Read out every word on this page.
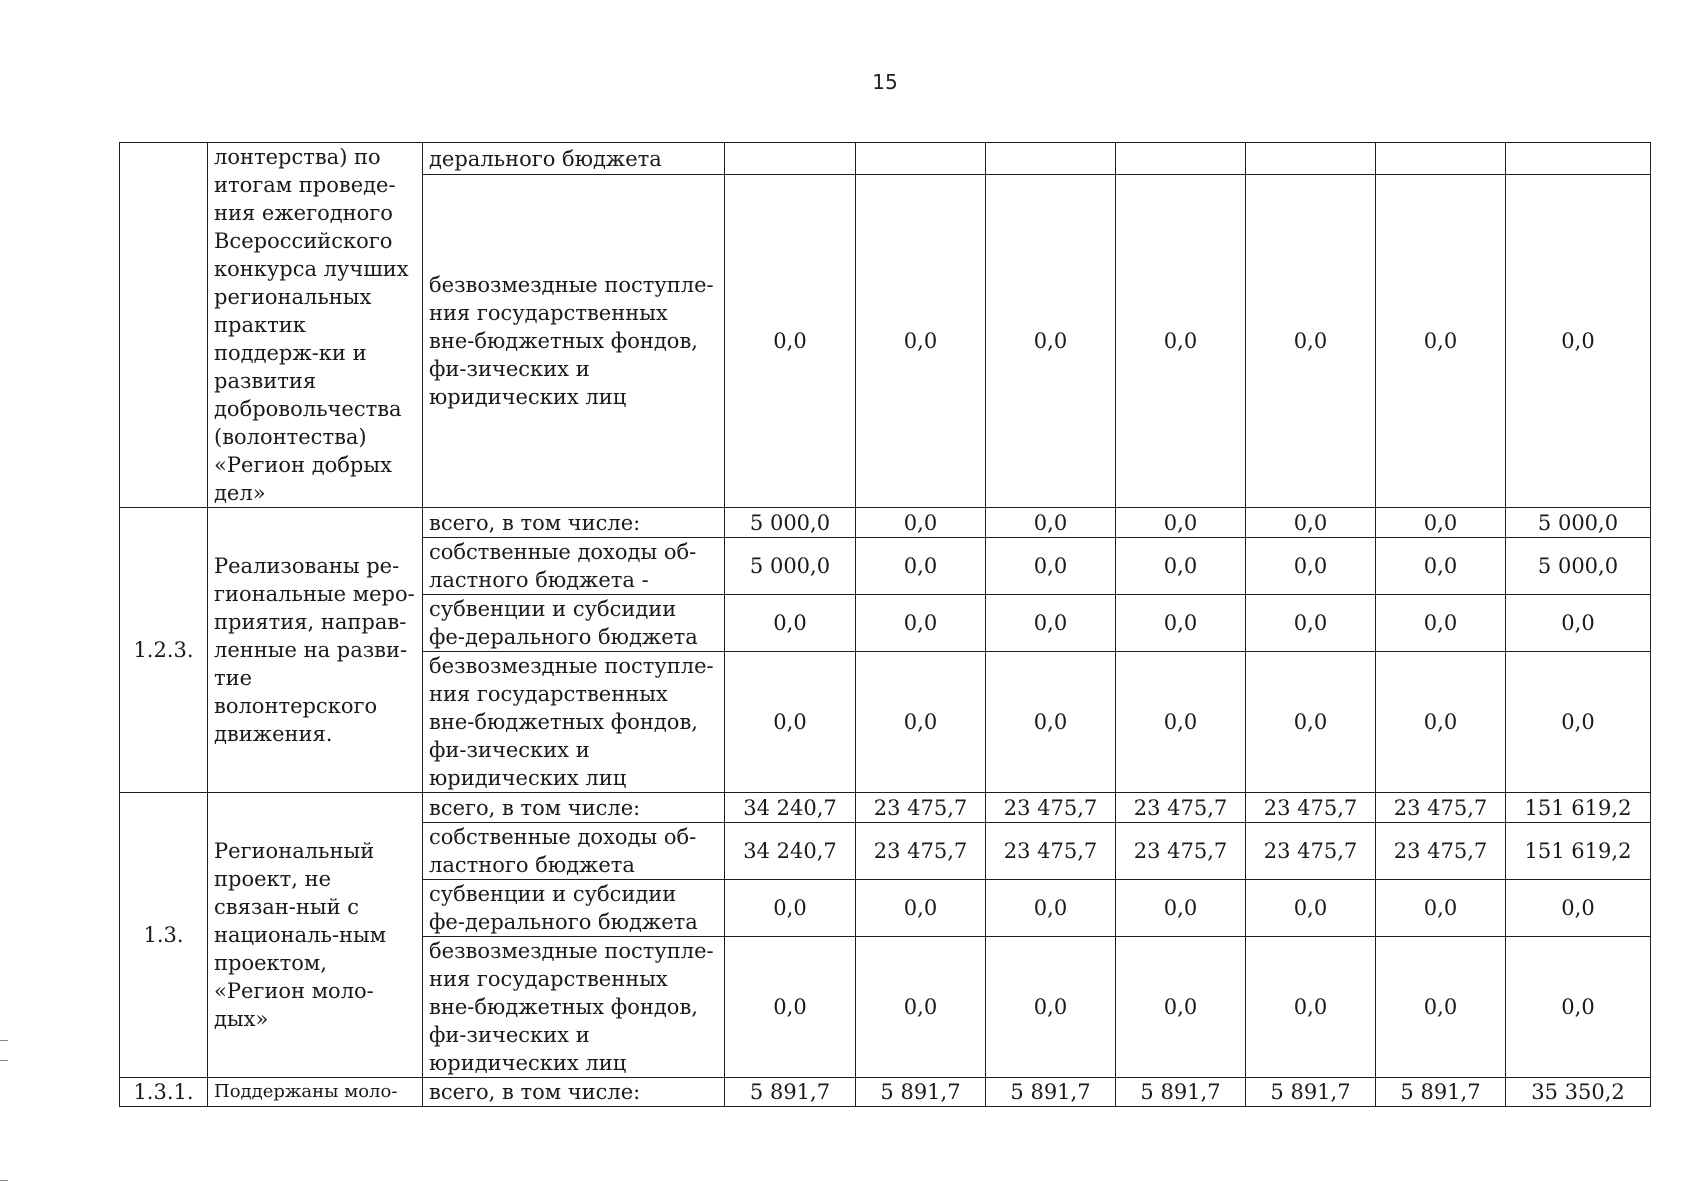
15
	лонтерства) по итогам проведе-ния ежегодного Всероссийского конкурса лучших региональных практик поддерж-ки и развития добровольчества (волонтества) «Регион добрых дел»	дерального бюджета							
		безвозмездные поступле-ния государственных вне-бюджетных фондов, фи-зических и юридических лиц	0,0	0,0	0,0	0,0	0,0	0,0	0,0
1.2.3.	Реализованы ре-гиональные меро-приятия, направ-ленные на разви-тие волонтерского движения.	всего, в том числе:	5 000,0	0,0	0,0	0,0	0,0	0,0	5 000,0
		собственные доходы об-ластного бюджета -	5 000,0	0,0	0,0	0,0	0,0	0,0	5 000,0
		субвенции и субсидии фе-дерального бюджета	0,0	0,0	0,0	0,0	0,0	0,0	0,0
		безвозмездные поступле-ния государственных вне-бюджетных фондов, фи-зических и юридических лиц	0,0	0,0	0,0	0,0	0,0	0,0	0,0
1.3.	Региональный проект, не связан-ный с националь-ным проектом, «Регион моло-дых»	всего, в том числе:	34 240,7	23 475,7	23 475,7	23 475,7	23 475,7	23 475,7	151 619,2
		собственные доходы об-ластного бюджета	34 240,7	23 475,7	23 475,7	23 475,7	23 475,7	23 475,7	151 619,2
		субвенции и субсидии фе-дерального бюджета	0,0	0,0	0,0	0,0	0,0	0,0	0,0
		безвозмездные поступле-ния государственных вне-бюджетных фондов, фи-зических и юридических лиц	0,0	0,0	0,0	0,0	0,0	0,0	0,0
1.3.1.	Поддержаны моло-	всего, в том числе:	5 891,7	5 891,7	5 891,7	5 891,7	5 891,7	5 891,7	35 350,2
